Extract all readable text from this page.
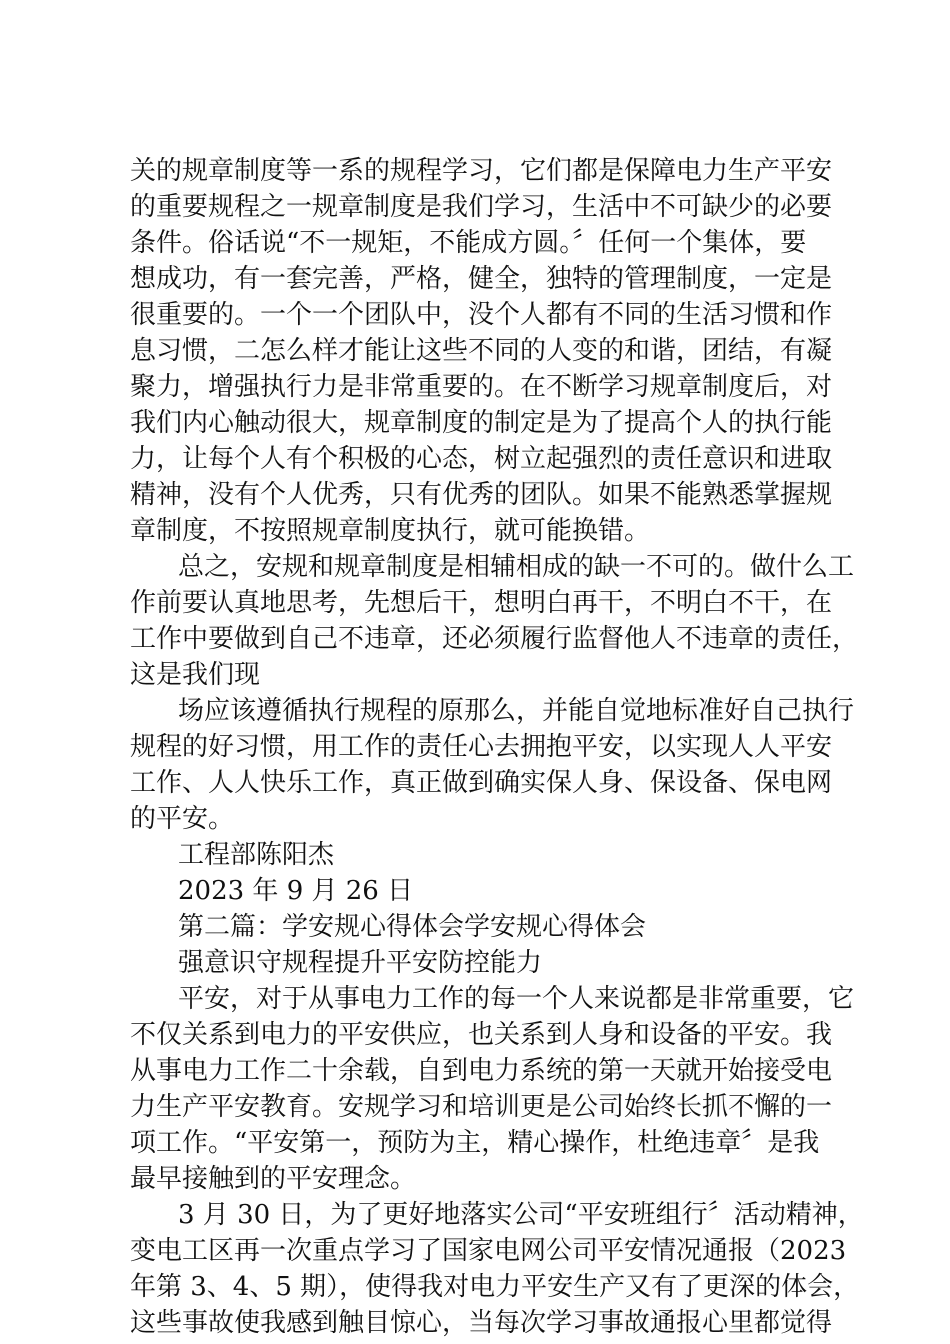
关的规章制度等一系的规程学习，它们都是保障电力生产平安
的重要规程之一规章制度是我们学习，生活中不可缺少的必要
条件。俗话说“不一规矩，不能成方圆。〞任何一个集体，要
想成功，有一套完善，严格，健全，独特的管理制度，一定是
很重要的。一个一个团队中，没个人都有不同的生活习惯和作
息习惯，二怎么样才能让这些不同的人变的和谐，团结，有凝
聚力，增强执行力是非常重要的。在不断学习规章制度后，对
我们内心触动很大，规章制度的制定是为了提高个人的执行能
力，让每个人有个积极的心态，树立起强烈的责任意识和进取
精神，没有个人优秀，只有优秀的团队。如果不能熟悉掌握规
章制度，不按照规章制度执行，就可能换错。
总之，安规和规章制度是相辅相成的缺一不可的。做什么工
作前要认真地思考，先想后干，想明白再干，不明白不干，在
工作中要做到自己不违章，还必须履行监督他人不违章的责任，
这是我们现
场应该遵循执行规程的原那么，并能自觉地标准好自己执行
规程的好习惯，用工作的责任心去拥抱平安，以实现人人平安
工作、人人快乐工作，真正做到确实保人身、保设备、保电网
的平安。
工程部陈阳杰
2023 年 9 月 26 日
第二篇：学安规心得体会学安规心得体会
强意识守规程提升平安防控能力
平安，对于从事电力工作的每一个人来说都是非常重要，它
不仅关系到电力的平安供应，也关系到人身和设备的平安。我
从事电力工作二十余载，自到电力系统的第一天就开始接受电
力生产平安教育。安规学习和培训更是公司始终长抓不懈的一
项工作。“平安第一，预防为主，精心操作，杜绝违章〞是我
最早接触到的平安理念。
3 月 30 日，为了更好地落实公司“平安班组行〞活动精神，
变电工区再一次重点学习了国家电网公司平安情况通报（2023
年第 3、4、5 期），使得我对电力平安生产又有了更深的体会，
这些事故使我感到触目惊心，当每次学习事故通报心里都觉得
